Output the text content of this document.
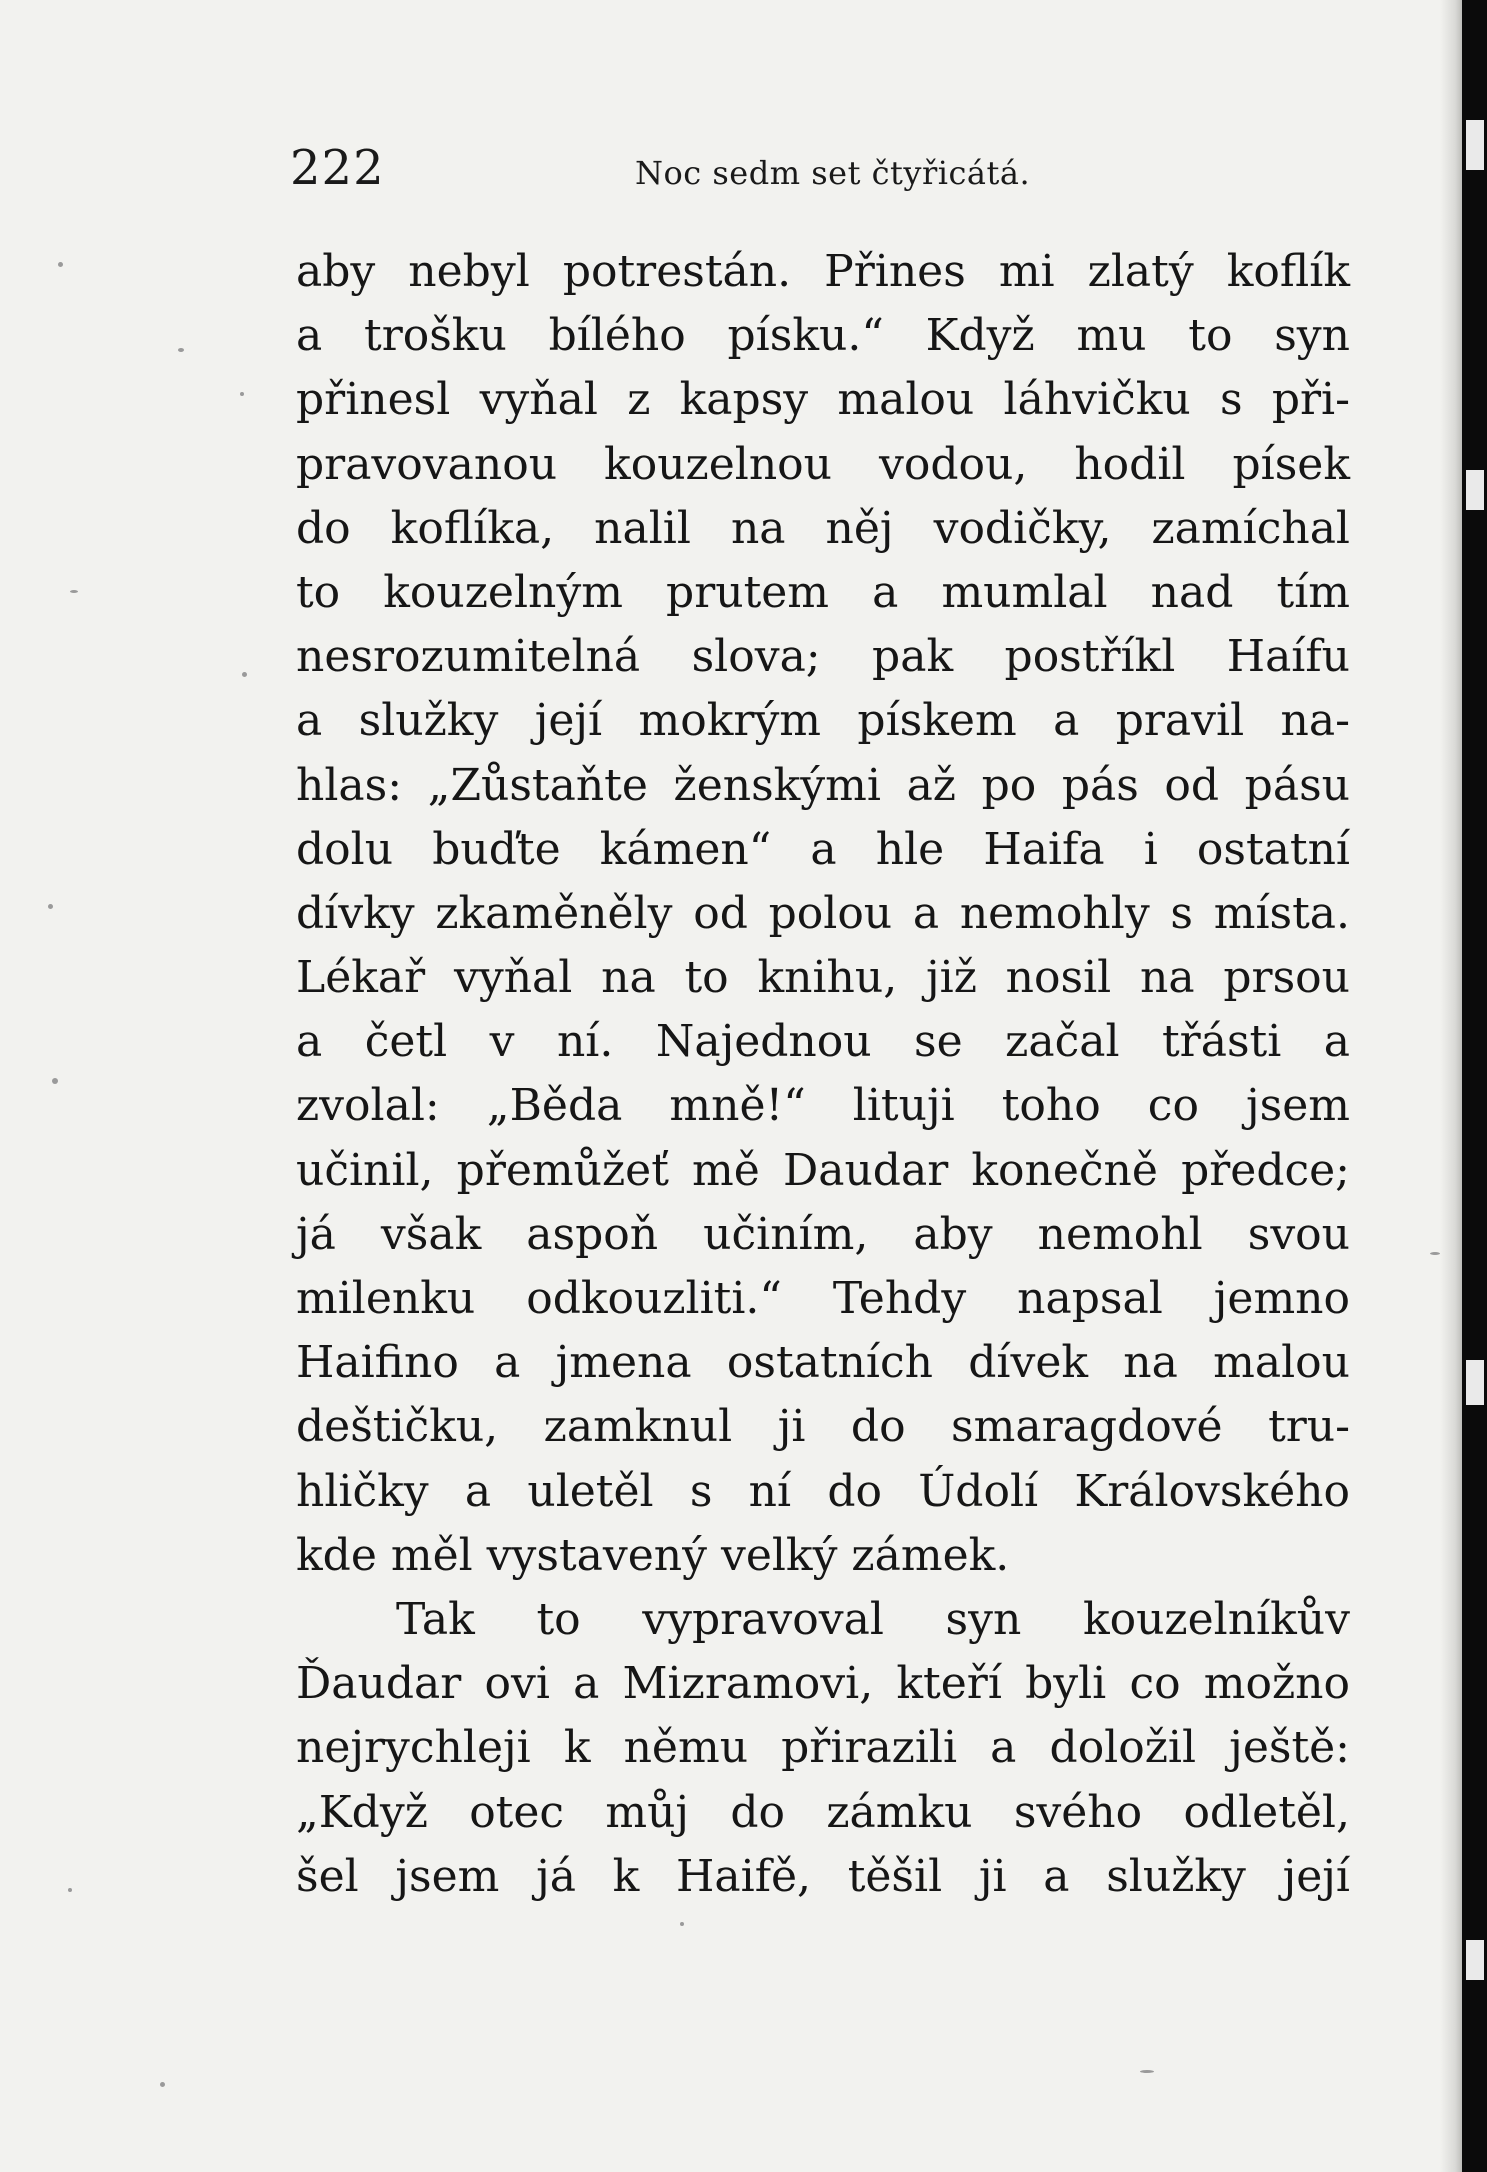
222	Noc sedm set čtyřicátá.
aby nebyl potrestán. Přines mi zlatý koflík
a trošku bílého písku.“ Když mu to syn
přinesl vyňal z kapsy malou láhvičku s při-
pravovanou kouzelnou vodou, hodil písek
do koflíka, nalil na něj vodičky, zamíchal
to kouzelným prutem a mumlal nad tím
nesrozumitelná slova; pak postříkl Haífu
a služky její mokrým pískem a pravil na-
hlas: „Zůstaňte ženskými až po pás od pásu
dolu buďte kámen“ a hle Haifa i ostatní
dívky zkaměněly od polou a nemohly s místa.
Lékař vyňal na to knihu, již nosil na prsou
a četl v ní. Najednou se začal třásti a
zvolal: „Běda mně!“ lituji toho co jsem
učinil, přemůžeť mě Daudar konečně předce;
já však aspoň učiním, aby nemohl svou
milenku odkouzliti.“ Tehdy napsal jemno
Haifino a jmena ostatních dívek na malou
deštičku, zamknul ji do smaragdové tru-
hličky a uletěl s ní do Údolí Královského
kde měl vystavený velký zámek.
Tak to vypravoval syn kouzelníkův
Ďaudar ovi a Mizramovi, kteří byli co možno
nejrychleji k němu přirazili a doložil ještě:
„Když otec můj do zámku svého odletěl,
šel jsem já k Haifě, těšil ji a služky její
